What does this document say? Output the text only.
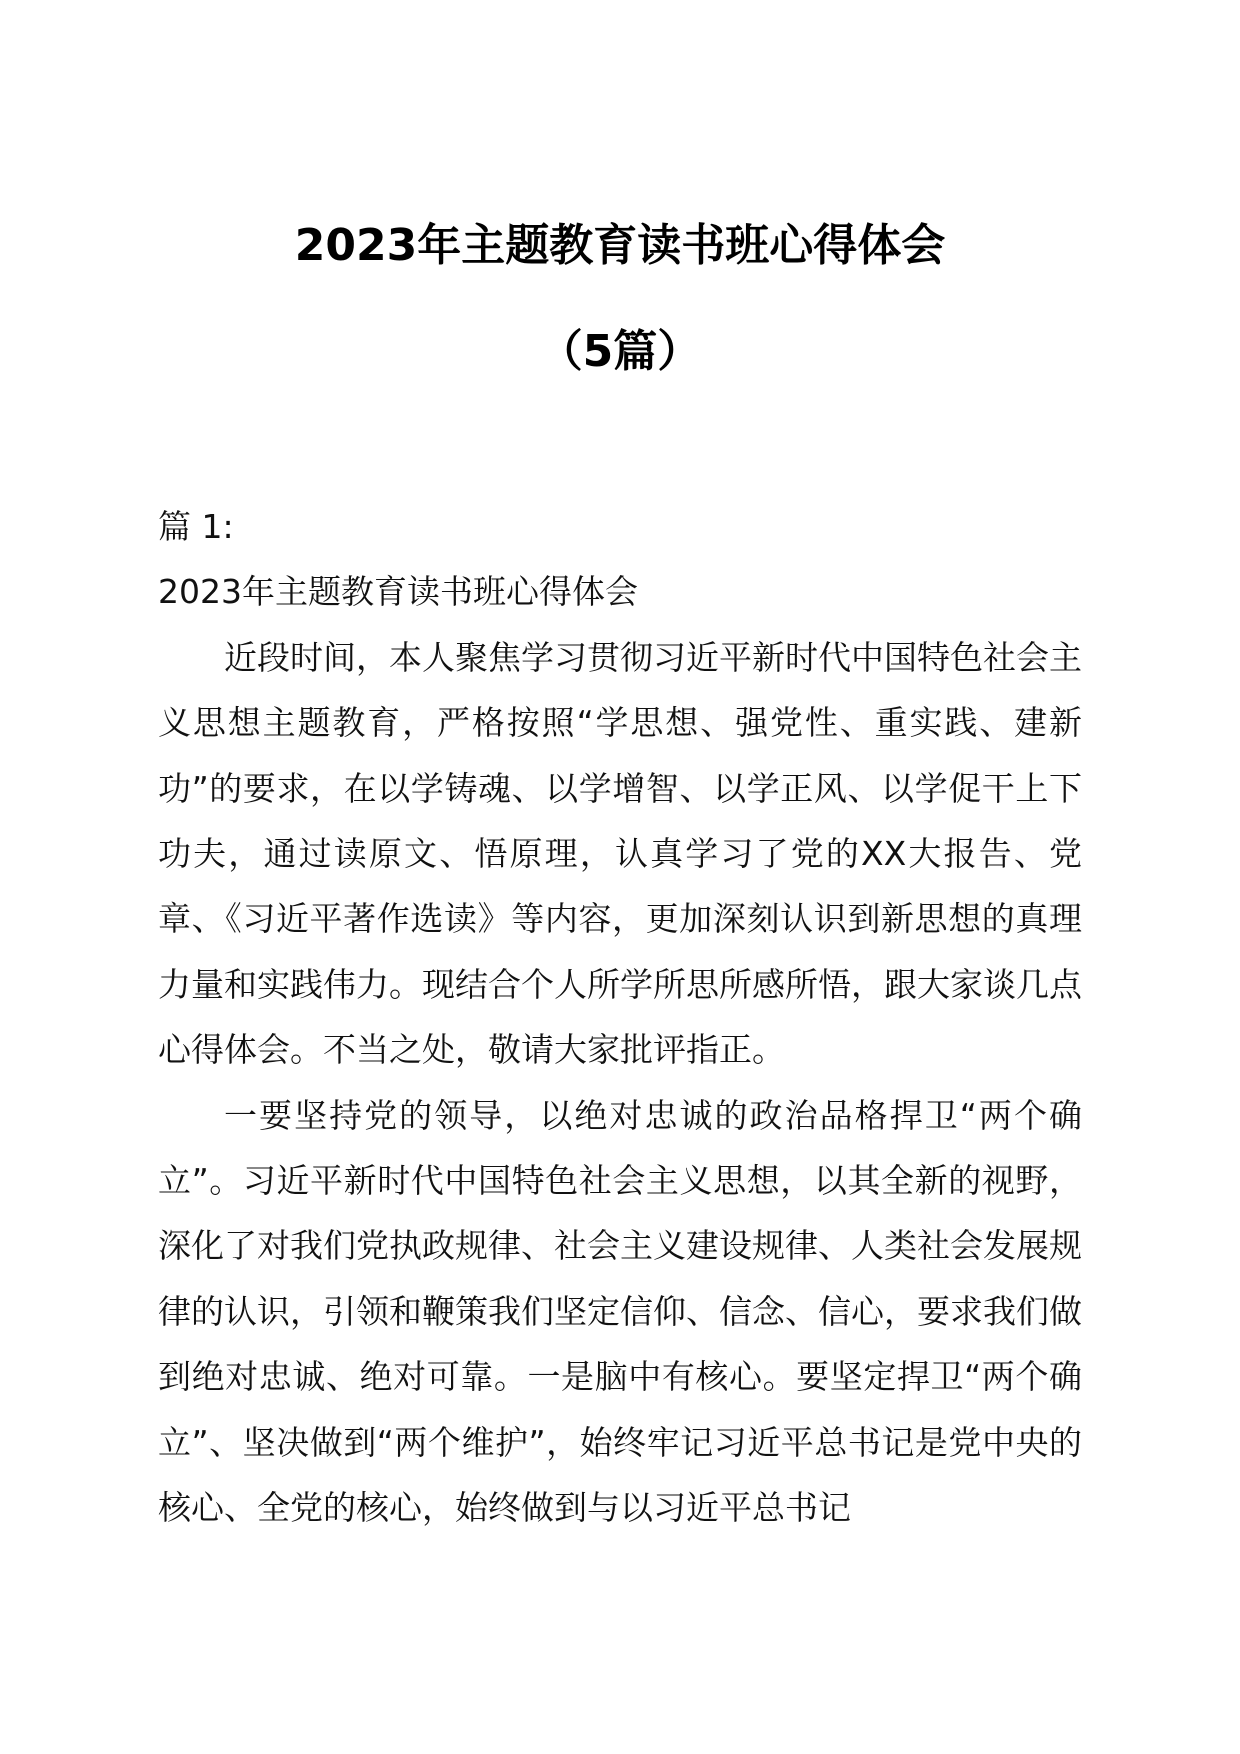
2023年主题教育读书班心得体会
（5篇）

篇 1:

2023年主题教育读书班心得体会

近段时间，本人聚焦学习贯彻习近平新时代中国特色社会主义思想主题教育，严格按照“学思想、强党性、重实践、建新功”的要求，在以学铸魂、以学增智、以学正风、以学促干上下功夫，通过读原文、悟原理，认真学习了党的XX大报告、党章、《习近平著作选读》等内容，更加深刻认识到新思想的真理力量和实践伟力。现结合个人所学所思所感所悟，跟大家谈几点心得体会。不当之处，敬请大家批评指正。

一要坚持党的领导，以绝对忠诚的政治品格捍卫“两个确立”。习近平新时代中国特色社会主义思想，以其全新的视野，深化了对我们党执政规律、社会主义建设规律、人类社会发展规律的认识，引领和鞭策我们坚定信仰、信念、信心，要求我们做到绝对忠诚、绝对可靠。一是脑中有核心。要坚定捍卫“两个确立”、坚决做到“两个维护”，始终牢记习近平总书记是党中央的核心、全党的核心，始终做到与以习近平总书记
